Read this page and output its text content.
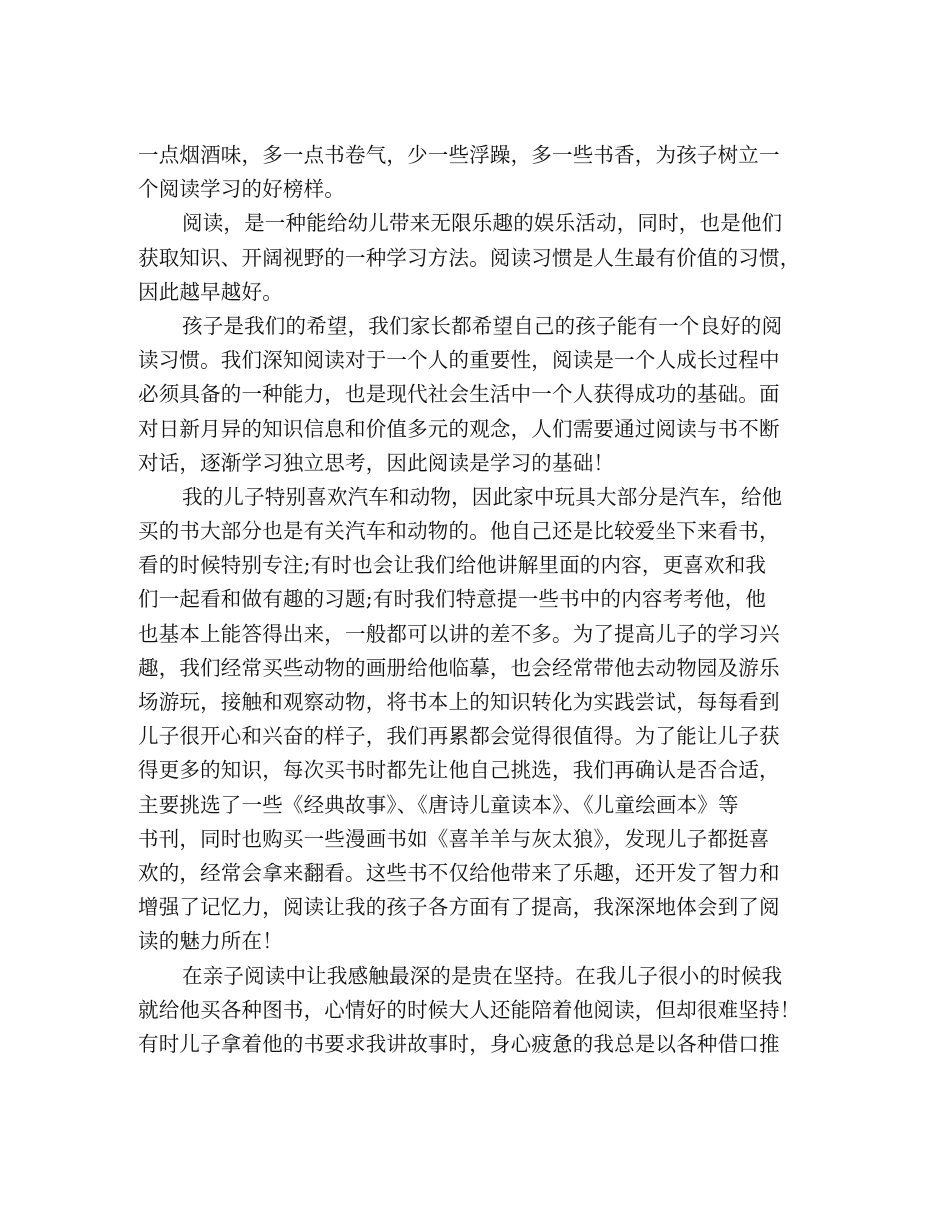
一点烟酒味，多一点书卷气，少一些浮躁，多一些书香，为孩子树立一
个阅读学习的好榜样。
阅读，是一种能给幼儿带来无限乐趣的娱乐活动，同时，也是他们
获取知识、开阔视野的一种学习方法。阅读习惯是人生最有价值的习惯，
因此越早越好。
孩子是我们的希望，我们家长都希望自己的孩子能有一个良好的阅
读习惯。我们深知阅读对于一个人的重要性，阅读是一个人成长过程中
必须具备的一种能力，也是现代社会生活中一个人获得成功的基础。面
对日新月异的知识信息和价值多元的观念，人们需要通过阅读与书不断
对话，逐渐学习独立思考，因此阅读是学习的基础！
我的儿子特别喜欢汽车和动物，因此家中玩具大部分是汽车，给他
买的书大部分也是有关汽车和动物的。他自己还是比较爱坐下来看书，
看的时候特别专注;有时也会让我们给他讲解里面的内容，更喜欢和我
们一起看和做有趣的习题;有时我们特意提一些书中的内容考考他，他
也基本上能答得出来，一般都可以讲的差不多。为了提高儿子的学习兴
趣，我们经常买些动物的画册给他临摹，也会经常带他去动物园及游乐
场游玩，接触和观察动物，将书本上的知识转化为实践尝试，每每看到
儿子很开心和兴奋的样子，我们再累都会觉得很值得。为了能让儿子获
得更多的知识，每次买书时都先让他自己挑选，我们再确认是否合适，
主要挑选了一些《经典故事》、《唐诗儿童读本》、《儿童绘画本》等
书刊，同时也购买一些漫画书如《喜羊羊与灰太狼》，发现儿子都挺喜
欢的，经常会拿来翻看。这些书不仅给他带来了乐趣，还开发了智力和
增强了记忆力，阅读让我的孩子各方面有了提高，我深深地体会到了阅
读的魅力所在！
在亲子阅读中让我感触最深的是贵在坚持。在我儿子很小的时候我
就给他买各种图书，心情好的时候大人还能陪着他阅读，但却很难坚持！
有时儿子拿着他的书要求我讲故事时，身心疲惫的我总是以各种借口推
